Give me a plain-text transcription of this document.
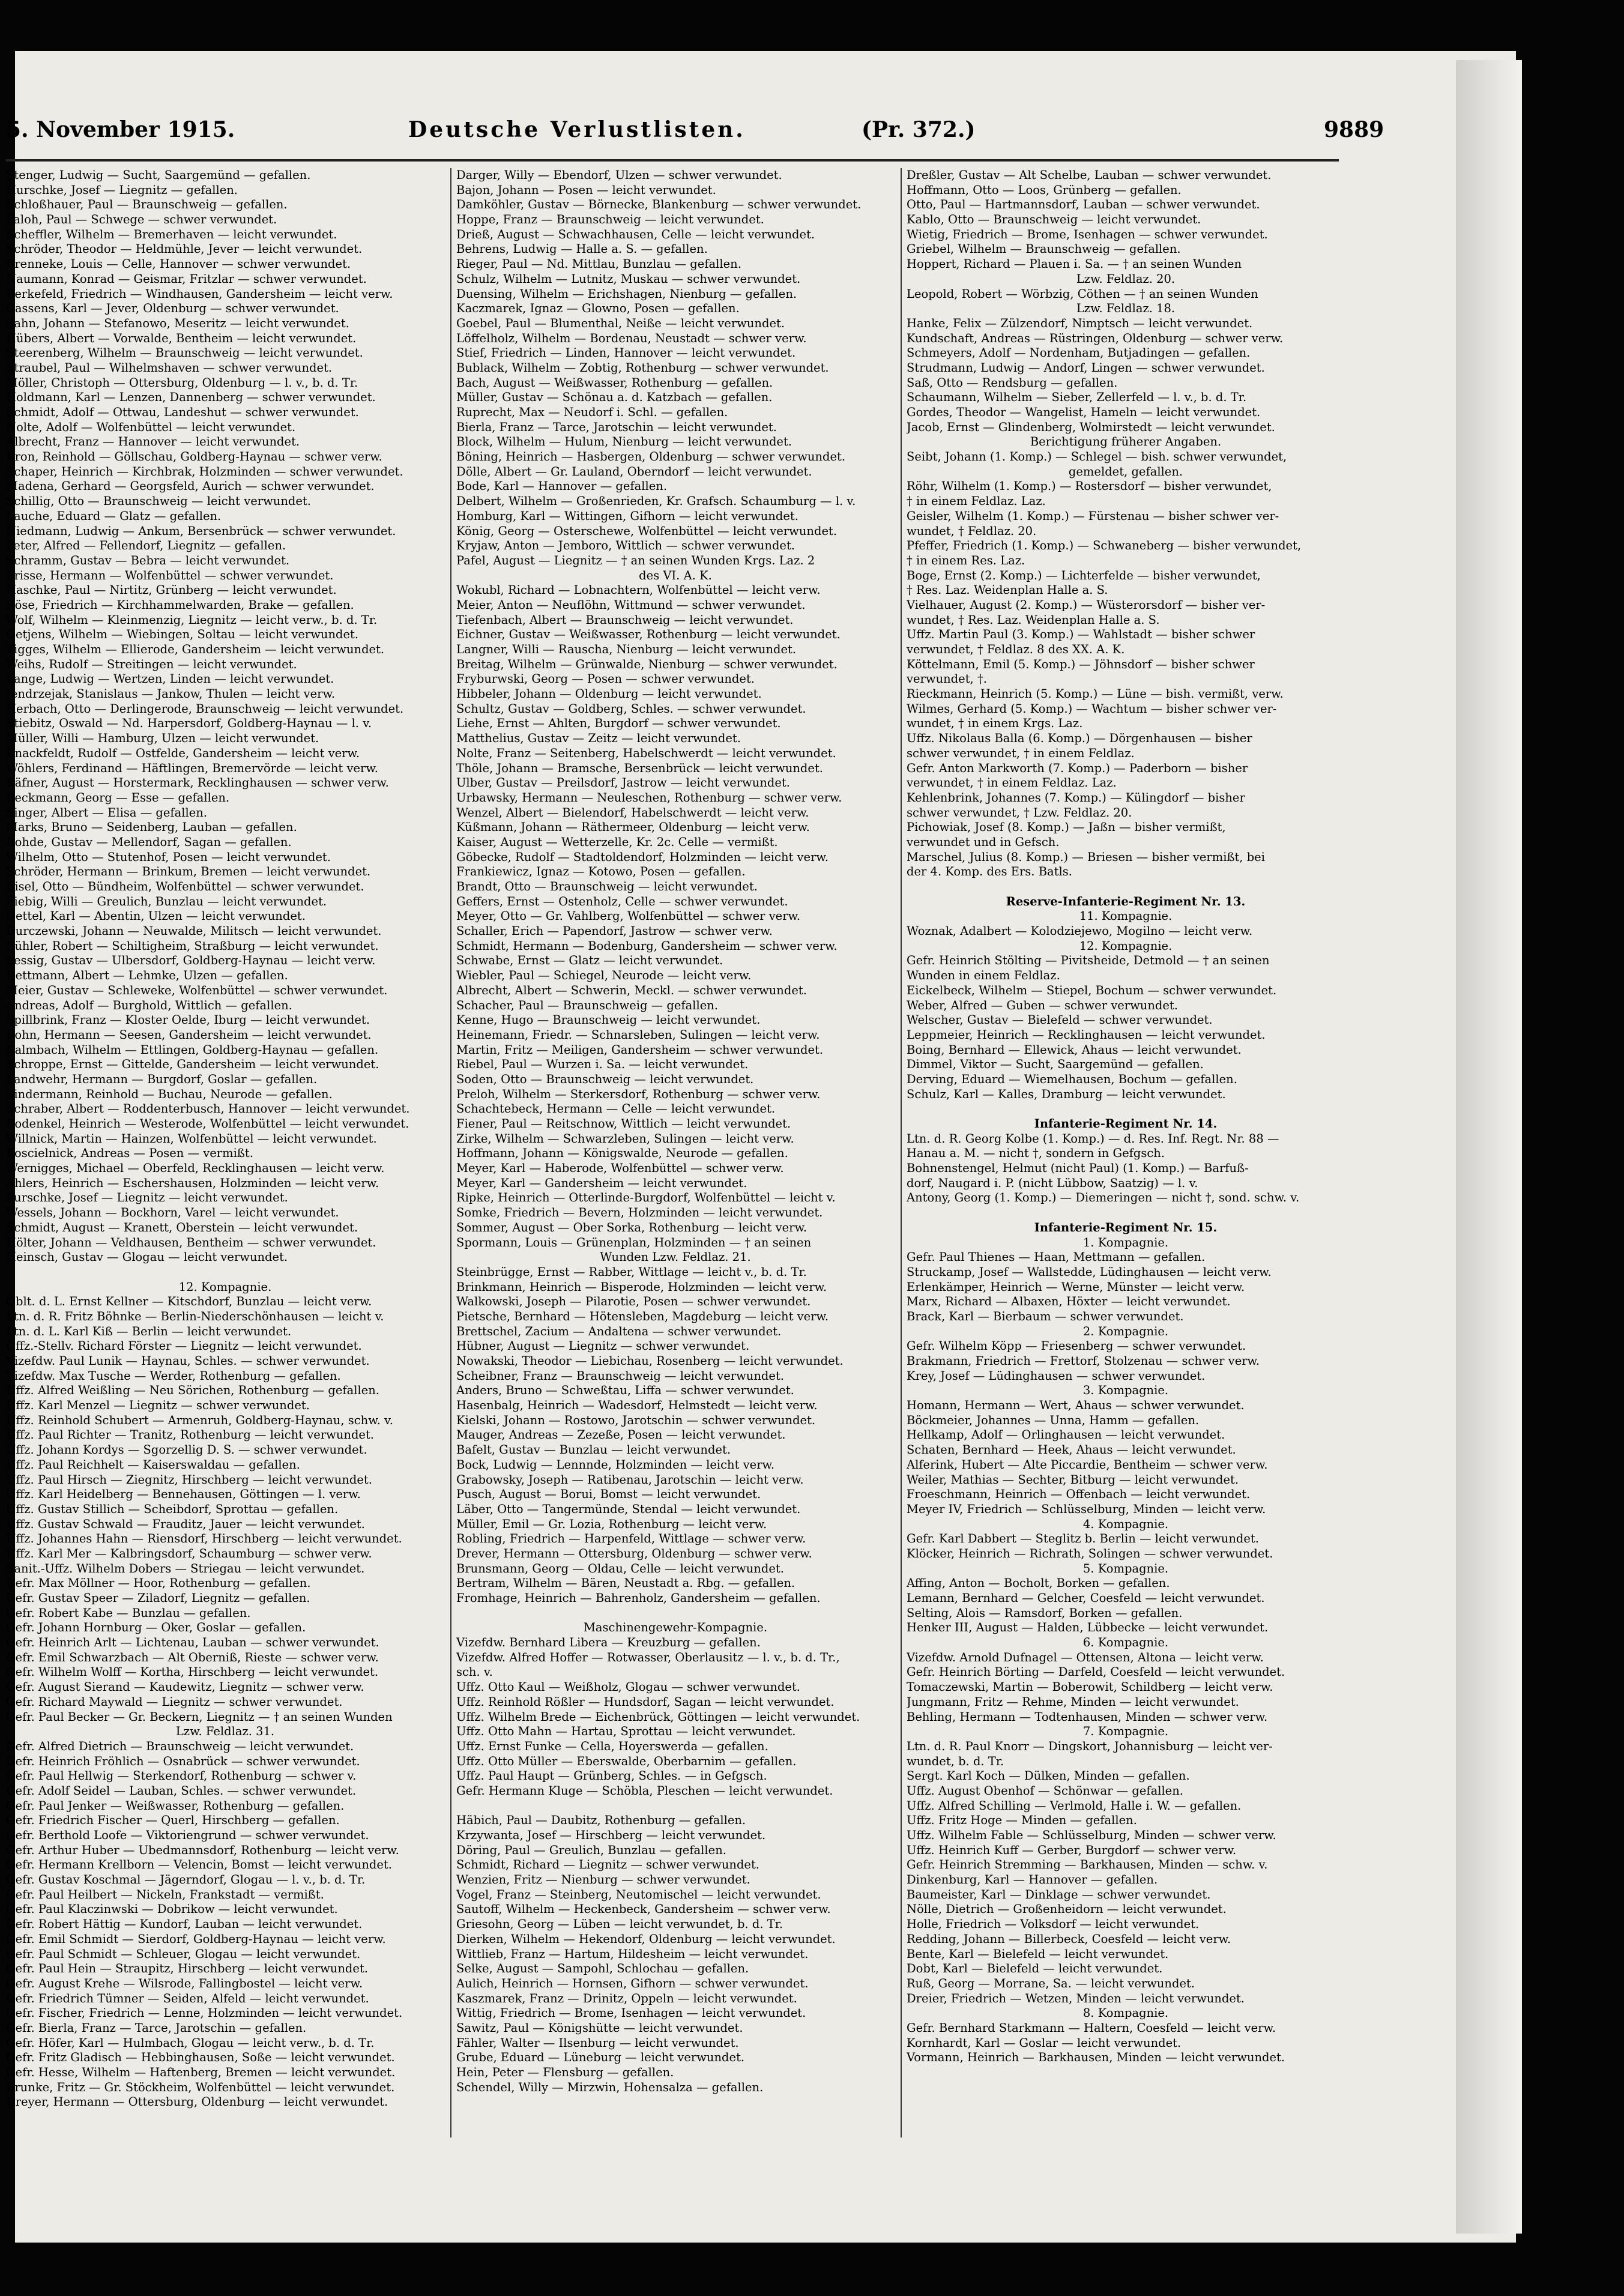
5. November 1915.	Deutsche Verlustlisten.	(Pr. 372.)	9889
Stenger, Ludwig — Sucht, Saargemünd — gefallen.
Hurschke, Josef — Liegnitz — gefallen.
Schloßhauer, Paul — Braunschweig — gefallen.
Paloh, Paul — Schwege — schwer verwundet.
Scheffler, Wilhelm — Bremerhaven — leicht verwundet.
Schröder, Theodor — Heldmühle, Jever — leicht verwundet.
Brenneke, Louis — Celle, Hannover — schwer verwundet.
Naumann, Konrad — Geismar, Fritzlar — schwer verwundet.
Berkefeld, Friedrich — Windhausen, Gandersheim — leicht verw.
Cassens, Karl — Jever, Oldenburg — schwer verwundet.
Sahn, Johann — Stefanowo, Meseritz — leicht verwundet.
Hübers, Albert — Vorwalde, Bentheim — leicht verwundet.
Steerenberg, Wilhelm — Braunschweig — leicht verwundet.
Straubel, Paul — Wilhelmshaven — schwer verwundet.
Möller, Christoph — Ottersburg, Oldenburg — l. v., b. d. Tr.
Holdmann, Karl — Lenzen, Dannenberg — schwer verwundet.
Schmidt, Adolf — Ottwau, Landeshut — schwer verwundet.
Nolte, Adolf — Wolfenbüttel — leicht verwundet.
Albrecht, Franz — Hannover — leicht verwundet.
Kron, Reinhold — Göllschau, Goldberg-Haynau — schwer verw.
Schaper, Heinrich — Kirchbrak, Holzminden — schwer verwundet.
Madena, Gerhard — Georgsfeld, Aurich — schwer verwundet.
Schillig, Otto — Braunschweig — leicht verwundet.
Lauche, Eduard — Glatz — gefallen.
Niedmann, Ludwig — Ankum, Bersenbrück — schwer verwundet.
Peter, Alfred — Fellendorf, Liegnitz — gefallen.
Schramm, Gustav — Bebra — leicht verwundet.
Frisse, Hermann — Wolfenbüttel — schwer verwundet.
Haschke, Paul — Nirtitz, Grünberg — leicht verwundet.
Röse, Friedrich — Kirchhammelwarden, Brake — gefallen.
Wolf, Wilhelm — Kleinmenzig, Liegnitz — leicht verw., b. d. Tr.
Oetjens, Wilhelm — Wiebingen, Soltau — leicht verwundet.
Tigges, Wilhelm — Ellierode, Gandersheim — leicht verwundet.
Weihs, Rudolf — Streitingen — leicht verwundet.
Lange, Ludwig — Wertzen, Linden — leicht verwundet.
Jendrzejak, Stanislaus — Jankow, Thulen — leicht verw.
Herbach, Otto — Derlingerode, Braunschweig — leicht verwundet.
Stiebitz, Oswald — Nd. Harpersdorf, Goldberg-Haynau — l. v.
Müller, Willi — Hamburg, Ulzen — leicht verwundet.
Knackfeldt, Rudolf — Ostfelde, Gandersheim — leicht verw.
Wöhlers, Ferdinand — Häftlingen, Bremervörde — leicht verw.
Käfner, August — Horstermark, Recklinghausen — schwer verw.
Beckmann, Georg — Esse — gefallen.
Singer, Albert — Elisa — gefallen.
Marks, Bruno — Seidenberg, Lauban — gefallen.
Rohde, Gustav — Mellendorf, Sagan — gefallen.
Wilhelm, Otto — Stutenhof, Posen — leicht verwundet.
Schröder, Hermann — Brinkum, Bremen — leicht verwundet.
Bisel, Otto — Bündheim, Wolfenbüttel — schwer verwundet.
Fiebig, Willi — Greulich, Bunzlau — leicht verwundet.
Oettel, Karl — Abentin, Ulzen — leicht verwundet.
Durczewski, Johann — Neuwalde, Militsch — leicht verwundet.
Bühler, Robert — Schiltigheim, Straßburg — leicht verwundet.
Lessig, Gustav — Ulbersdorf, Goldberg-Haynau — leicht verw.
Dettmann, Albert — Lehmke, Ulzen — gefallen.
Meier, Gustav — Schleweke, Wolfenbüttel — schwer verwundet.
Andreas, Adolf — Burghold, Wittlich — gefallen.
Spillbrink, Franz — Kloster Oelde, Iburg — leicht verwundet.
Bohn, Hermann — Seesen, Gandersheim — leicht verwundet.
Kalmbach, Wilhelm — Ettlingen, Goldberg-Haynau — gefallen.
Schroppe, Ernst — Gittelde, Gandersheim — leicht verwundet.
Landwehr, Hermann — Burgdorf, Goslar — gefallen.
Sindermann, Reinhold — Buchau, Neurode — gefallen.
Schraber, Albert — Roddenterbusch, Hannover — leicht verwundet.
Bodenkel, Heinrich — Westerode, Wolfenbüttel — leicht verwundet.
Willnick, Martin — Hainzen, Wolfenbüttel — leicht verwundet.
Koscielnick, Andreas — Posen — vermißt.
Wernigges, Michael — Oberfeld, Recklinghausen — leicht verw.
Ahlers, Heinrich — Eschershausen, Holzminden — leicht verw.
Purschke, Josef — Liegnitz — leicht verwundet.
Wessels, Johann — Bockhorn, Varel — leicht verwundet.
Schmidt, August — Kranett, Oberstein — leicht verwundet.
Hölter, Johann — Veldhausen, Bentheim — schwer verwundet.
Heinsch, Gustav — Glogau — leicht verwundet.
12. Kompagnie.
Oblt. d. L. Ernst Kellner — Kitschdorf, Bunzlau — leicht verw.
Ltn. d. R. Fritz Böhnke — Berlin-Niederschönhausen — leicht v.
Ltn. d. L. Karl Kiß — Berlin — leicht verwundet.
Offz.-Stellv. Richard Förster — Liegnitz — leicht verwundet.
Vizefdw. Paul Lunik — Haynau, Schles. — schwer verwundet.
Vizefdw. Max Tusche — Werder, Rothenburg — gefallen.
Uffz. Alfred Weißling — Neu Sörichen, Rothenburg — gefallen.
Uffz. Karl Menzel — Liegnitz — schwer verwundet.
Uffz. Reinhold Schubert — Armenruh, Goldberg-Haynau, schw. v.
Uffz. Paul Richter — Tranitz, Rothenburg — leicht verwundet.
Uffz. Johann Kordys — Sgorzellig D. S. — schwer verwundet.
Uffz. Paul Reichhelt — Kaiserswaldau — gefallen.
Uffz. Paul Hirsch — Ziegnitz, Hirschberg — leicht verwundet.
Uffz. Karl Heidelberg — Bennehausen, Göttingen — l. verw.
Uffz. Gustav Stillich — Scheibdorf, Sprottau — gefallen.
Uffz. Gustav Schwald — Frauditz, Jauer — leicht verwundet.
Uffz. Johannes Hahn — Riensdorf, Hirschberg — leicht verwundet.
Uffz. Karl Mer — Kalbringsdorf, Schaumburg — schwer verw.
Sanit.-Uffz. Wilhelm Dobers — Striegau — leicht verwundet.
Gefr. Max Möllner — Hoor, Rothenburg — gefallen.
Gefr. Gustav Speer — Ziladorf, Liegnitz — gefallen.
Gefr. Robert Kabe — Bunzlau — gefallen.
Gefr. Johann Hornburg — Oker, Goslar — gefallen.
Gefr. Heinrich Arlt — Lichtenau, Lauban — schwer verwundet.
Gefr. Emil Schwarzbach — Alt Oberniß, Rieste — schwer verw.
Gefr. Wilhelm Wolff — Kortha, Hirschberg — leicht verwundet.
Gefr. August Sierand — Kaudewitz, Liegnitz — schwer verw.
Gefr. Richard Maywald — Liegnitz — schwer verwundet.
Gefr. Paul Becker — Gr. Beckern, Liegnitz — † an seinen Wunden
Lzw. Feldlaz. 31.
Gefr. Alfred Dietrich — Braunschweig — leicht verwundet.
Gefr. Heinrich Fröhlich — Osnabrück — schwer verwundet.
Gefr. Paul Hellwig — Sterkendorf, Rothenburg — schwer v.
Gefr. Adolf Seidel — Lauban, Schles. — schwer verwundet.
Gefr. Paul Jenker — Weißwasser, Rothenburg — gefallen.
Gefr. Friedrich Fischer — Querl, Hirschberg — gefallen.
Gefr. Berthold Loofe — Viktoriengrund — schwer verwundet.
Gefr. Arthur Huber — Ubedmannsdorf, Rothenburg — leicht verw.
Gefr. Hermann Krellborn — Velencin, Bomst — leicht verwundet.
Gefr. Gustav Koschmal — Jägerndorf, Glogau — l. v., b. d. Tr.
Gefr. Paul Heilbert — Nickeln, Frankstadt — vermißt.
Gefr. Paul Klaczinwski — Dobrikow — leicht verwundet.
Gefr. Robert Hättig — Kundorf, Lauban — leicht verwundet.
Gefr. Emil Schmidt — Sierdorf, Goldberg-Haynau — leicht verw.
Gefr. Paul Schmidt — Schleuer, Glogau — leicht verwundet.
Gefr. Paul Hein — Straupitz, Hirschberg — leicht verwundet.
Gefr. August Krehe — Wilsrode, Fallingbostel — leicht verw.
Gefr. Friedrich Tümner — Seiden, Alfeld — leicht verwundet.
Gefr. Fischer, Friedrich — Lenne, Holzminden — leicht verwundet.
Gefr. Bierla, Franz — Tarce, Jarotschin — gefallen.
Gefr. Höfer, Karl — Hulmbach, Glogau — leicht verw., b. d. Tr.
Gefr. Fritz Gladisch — Hebbinghausen, Soße — leicht verwundet.
Gefr. Hesse, Wilhelm — Haftenberg, Bremen — leicht verwundet.
Brunke, Fritz — Gr. Stöckheim, Wolfenbüttel — leicht verwundet.
Dreyer, Hermann — Ottersburg, Oldenburg — leicht verwundet.
Darger, Willy — Ebendorf, Ulzen — schwer verwundet.
Bajon, Johann — Posen — leicht verwundet.
Damköhler, Gustav — Börnecke, Blankenburg — schwer verwundet.
Hoppe, Franz — Braunschweig — leicht verwundet.
Drieß, August — Schwachhausen, Celle — leicht verwundet.
Behrens, Ludwig — Halle a. S. — gefallen.
Rieger, Paul — Nd. Mittlau, Bunzlau — gefallen.
Schulz, Wilhelm — Lutnitz, Muskau — schwer verwundet.
Duensing, Wilhelm — Erichshagen, Nienburg — gefallen.
Kaczmarek, Ignaz — Glowno, Posen — gefallen.
Goebel, Paul — Blumenthal, Neiße — leicht verwundet.
Löffelholz, Wilhelm — Bordenau, Neustadt — schwer verw.
Stief, Friedrich — Linden, Hannover — leicht verwundet.
Bublack, Wilhelm — Zobtig, Rothenburg — schwer verwundet.
Bach, August — Weißwasser, Rothenburg — gefallen.
Müller, Gustav — Schönau a. d. Katzbach — gefallen.
Ruprecht, Max — Neudorf i. Schl. — gefallen.
Bierla, Franz — Tarce, Jarotschin — leicht verwundet.
Block, Wilhelm — Hulum, Nienburg — leicht verwundet.
Böning, Heinrich — Hasbergen, Oldenburg — schwer verwundet.
Dölle, Albert — Gr. Lauland, Oberndorf — leicht verwundet.
Bode, Karl — Hannover — gefallen.
Delbert, Wilhelm — Großenrieden, Kr. Grafsch. Schaumburg — l. v.
Homburg, Karl — Wittingen, Gifhorn — leicht verwundet.
König, Georg — Osterschewe, Wolfenbüttel — leicht verwundet.
Kryjaw, Anton — Jemboro, Wittlich — schwer verwundet.
Pafel, August — Liegnitz — † an seinen Wunden Krgs. Laz. 2
des VI. A. K.
Wokubl, Richard — Lobnachtern, Wolfenbüttel — leicht verw.
Meier, Anton — Neuflöhn, Wittmund — schwer verwundet.
Tiefenbach, Albert — Braunschweig — leicht verwundet.
Eichner, Gustav — Weißwasser, Rothenburg — leicht verwundet.
Langner, Willi — Rauscha, Nienburg — leicht verwundet.
Breitag, Wilhelm — Grünwalde, Nienburg — schwer verwundet.
Fryburwski, Georg — Posen — schwer verwundet.
Hibbeler, Johann — Oldenburg — leicht verwundet.
Schultz, Gustav — Goldberg, Schles. — schwer verwundet.
Liehe, Ernst — Ahlten, Burgdorf — schwer verwundet.
Matthelius, Gustav — Zeitz — leicht verwundet.
Nolte, Franz — Seitenberg, Habelschwerdt — leicht verwundet.
Thöle, Johann — Bramsche, Bersenbrück — leicht verwundet.
Ulber, Gustav — Preilsdorf, Jastrow — leicht verwundet.
Urbawsky, Hermann — Neuleschen, Rothenburg — schwer verw.
Wenzel, Albert — Bielendorf, Habelschwerdt — leicht verw.
Küßmann, Johann — Räthermeer, Oldenburg — leicht verw.
Kaiser, August — Wetterzelle, Kr. 2c. Celle — vermißt.
Göbecke, Rudolf — Stadtoldendorf, Holzminden — leicht verw.
Frankiewicz, Ignaz — Kotowo, Posen — gefallen.
Brandt, Otto — Braunschweig — leicht verwundet.
Geffers, Ernst — Ostenholz, Celle — schwer verwundet.
Meyer, Otto — Gr. Vahlberg, Wolfenbüttel — schwer verw.
Schaller, Erich — Papendorf, Jastrow — schwer verw.
Schmidt, Hermann — Bodenburg, Gandersheim — schwer verw.
Schwabe, Ernst — Glatz — leicht verwundet.
Wiebler, Paul — Schiegel, Neurode — leicht verw.
Albrecht, Albert — Schwerin, Meckl. — schwer verwundet.
Schacher, Paul — Braunschweig — gefallen.
Kenne, Hugo — Braunschweig — leicht verwundet.
Heinemann, Friedr. — Schnarsleben, Sulingen — leicht verw.
Martin, Fritz — Meiligen, Gandersheim — schwer verwundet.
Riebel, Paul — Wurzen i. Sa. — leicht verwundet.
Soden, Otto — Braunschweig — leicht verwundet.
Preloh, Wilhelm — Sterkersdorf, Rothenburg — schwer verw.
Schachtebeck, Hermann — Celle — leicht verwundet.
Fiener, Paul — Reitschnow, Wittlich — leicht verwundet.
Zirke, Wilhelm — Schwarzleben, Sulingen — leicht verw.
Hoffmann, Johann — Königswalde, Neurode — gefallen.
Meyer, Karl — Haberode, Wolfenbüttel — schwer verw.
Meyer, Karl — Gandersheim — leicht verwundet.
Ripke, Heinrich — Otterlinde-Burgdorf, Wolfenbüttel — leicht v.
Somke, Friedrich — Bevern, Holzminden — leicht verwundet.
Sommer, August — Ober Sorka, Rothenburg — leicht verw.
Spormann, Louis — Grünenplan, Holzminden — † an seinen
Wunden Lzw. Feldlaz. 21.
Steinbrügge, Ernst — Rabber, Wittlage — leicht v., b. d. Tr.
Brinkmann, Heinrich — Bisperode, Holzminden — leicht verw.
Walkowski, Joseph — Pilarotie, Posen — schwer verwundet.
Pietsche, Bernhard — Hötensleben, Magdeburg — leicht verw.
Brettschel, Zacium — Andaltena — schwer verwundet.
Hübner, August — Liegnitz — schwer verwundet.
Nowakski, Theodor — Liebichau, Rosenberg — leicht verwundet.
Scheibner, Franz — Braunschweig — leicht verwundet.
Anders, Bruno — Schweßtau, Liffa — schwer verwundet.
Hasenbalg, Heinrich — Wadesdorf, Helmstedt — leicht verw.
Kielski, Johann — Rostowo, Jarotschin — schwer verwundet.
Mauger, Andreas — Zezeße, Posen — leicht verwundet.
Bafelt, Gustav — Bunzlau — leicht verwundet.
Bock, Ludwig — Lennnde, Holzminden — leicht verw.
Grabowsky, Joseph — Ratibenau, Jarotschin — leicht verw.
Pusch, August — Borui, Bomst — leicht verwundet.
Läber, Otto — Tangermünde, Stendal — leicht verwundet.
Müller, Emil — Gr. Lozia, Rothenburg — leicht verw.
Robling, Friedrich — Harpenfeld, Wittlage — schwer verw.
Drever, Hermann — Ottersburg, Oldenburg — schwer verw.
Brunsmann, Georg — Oldau, Celle — leicht verwundet.
Bertram, Wilhelm — Bären, Neustadt a. Rbg. — gefallen.
Fromhage, Heinrich — Bahrenholz, Gandersheim — gefallen.
Maschinengewehr-Kompagnie.
Vizefdw. Bernhard Libera — Kreuzburg — gefallen.
Vizefdw. Alfred Hoffer — Rotwasser, Oberlausitz — l. v., b. d. Tr.,
sch. v.
Uffz. Otto Kaul — Weißholz, Glogau — schwer verwundet.
Uffz. Reinhold Rößler — Hundsdorf, Sagan — leicht verwundet.
Uffz. Wilhelm Brede — Eichenbrück, Göttingen — leicht verwundet.
Uffz. Otto Mahn — Hartau, Sprottau — leicht verwundet.
Uffz. Ernst Funke — Cella, Hoyerswerda — gefallen.
Uffz. Otto Müller — Eberswalde, Oberbarnim — gefallen.
Uffz. Paul Haupt — Grünberg, Schles. — in Gefgsch.
Gefr. Hermann Kluge — Schöbla, Pleschen — leicht verwundet.
Häbich, Paul — Daubitz, Rothenburg — gefallen.
Krzywanta, Josef — Hirschberg — leicht verwundet.
Döring, Paul — Greulich, Bunzlau — gefallen.
Schmidt, Richard — Liegnitz — schwer verwundet.
Wenzien, Fritz — Nienburg — schwer verwundet.
Vogel, Franz — Steinberg, Neutomischel — leicht verwundet.
Sautoff, Wilhelm — Heckenbeck, Gandersheim — schwer verw.
Griesohn, Georg — Lüben — leicht verwundet, b. d. Tr.
Dierken, Wilhelm — Hekendorf, Oldenburg — leicht verwundet.
Wittlieb, Franz — Hartum, Hildesheim — leicht verwundet.
Selke, August — Sampohl, Schlochau — gefallen.
Aulich, Heinrich — Hornsen, Gifhorn — schwer verwundet.
Kaszmarek, Franz — Drinitz, Oppeln — leicht verwundet.
Wittig, Friedrich — Brome, Isenhagen — leicht verwundet.
Sawitz, Paul — Königshütte — leicht verwundet.
Fähler, Walter — Ilsenburg — leicht verwundet.
Grube, Eduard — Lüneburg — leicht verwundet.
Hein, Peter — Flensburg — gefallen.
Schendel, Willy — Mirzwin, Hohensalza — gefallen.
Dreßler, Gustav — Alt Schelbe, Lauban — schwer verwundet.
Hoffmann, Otto — Loos, Grünberg — gefallen.
Otto, Paul — Hartmannsdorf, Lauban — schwer verwundet.
Kablo, Otto — Braunschweig — leicht verwundet.
Wietig, Friedrich — Brome, Isenhagen — schwer verwundet.
Griebel, Wilhelm — Braunschweig — gefallen.
Hoppert, Richard — Plauen i. Sa. — † an seinen Wunden
Lzw. Feldlaz. 20.
Leopold, Robert — Wörbzig, Cöthen — † an seinen Wunden
Lzw. Feldlaz. 18.
Hanke, Felix — Zülzendorf, Nimptsch — leicht verwundet.
Kundschaft, Andreas — Rüstringen, Oldenburg — schwer verw.
Schmeyers, Adolf — Nordenham, Butjadingen — gefallen.
Strudmann, Ludwig — Andorf, Lingen — schwer verwundet.
Saß, Otto — Rendsburg — gefallen.
Schaumann, Wilhelm — Sieber, Zellerfeld — l. v., b. d. Tr.
Gordes, Theodor — Wangelist, Hameln — leicht verwundet.
Jacob, Ernst — Glindenberg, Wolmirstedt — leicht verwundet.
Berichtigung früherer Angaben.
Seibt, Johann (1. Komp.) — Schlegel — bish. schwer verwundet,
gemeldet, gefallen.
Röhr, Wilhelm (1. Komp.) — Rostersdorf — bisher verwundet,
† in einem Feldlaz. Laz.
Geisler, Wilhelm (1. Komp.) — Fürstenau — bisher schwer ver-
wundet, † Feldlaz. 20.
Pfeffer, Friedrich (1. Komp.) — Schwaneberg — bisher verwundet,
† in einem Res. Laz.
Boge, Ernst (2. Komp.) — Lichterfelde — bisher verwundet,
† Res. Laz. Weidenplan Halle a. S.
Vielhauer, August (2. Komp.) — Wüsterorsdorf — bisher ver-
wundet, † Res. Laz. Weidenplan Halle a. S.
Uffz. Martin Paul (3. Komp.) — Wahlstadt — bisher schwer
verwundet, † Feldlaz. 8 des XX. A. K.
Köttelmann, Emil (5. Komp.) — Jöhnsdorf — bisher schwer
verwundet, †.
Rieckmann, Heinrich (5. Komp.) — Lüne — bish. vermißt, verw.
Wilmes, Gerhard (5. Komp.) — Wachtum — bisher schwer ver-
wundet, † in einem Krgs. Laz.
Uffz. Nikolaus Balla (6. Komp.) — Dörgenhausen — bisher
schwer verwundet, † in einem Feldlaz.
Gefr. Anton Markworth (7. Komp.) — Paderborn — bisher
verwundet, † in einem Feldlaz. Laz.
Kehlenbrink, Johannes (7. Komp.) — Külingdorf — bisher
schwer verwundet, † Lzw. Feldlaz. 20.
Pichowiak, Josef (8. Komp.) — Jaßn — bisher vermißt,
verwundet und in Gefsch.
Marschel, Julius (8. Komp.) — Briesen — bisher vermißt, bei
der 4. Komp. des Ers. Batls.
Reserve-Infanterie-Regiment Nr. 13.
11. Kompagnie.
Woznak, Adalbert — Kolodziejewo, Mogilno — leicht verw.
12. Kompagnie.
Gefr. Heinrich Stölting — Pivitsheide, Detmold — † an seinen
Wunden in einem Feldlaz.
Eickelbeck, Wilhelm — Stiepel, Bochum — schwer verwundet.
Weber, Alfred — Guben — schwer verwundet.
Welscher, Gustav — Bielefeld — schwer verwundet.
Leppmeier, Heinrich — Recklinghausen — leicht verwundet.
Boing, Bernhard — Ellewick, Ahaus — leicht verwundet.
Dimmel, Viktor — Sucht, Saargemünd — gefallen.
Derving, Eduard — Wiemelhausen, Bochum — gefallen.
Schulz, Karl — Kalles, Dramburg — leicht verwundet.
Infanterie-Regiment Nr. 14.
Ltn. d. R. Georg Kolbe (1. Komp.) — d. Res. Inf. Regt. Nr. 88 —
Hanau a. M. — nicht †, sondern in Gefgsch.
Bohnenstengel, Helmut (nicht Paul) (1. Komp.) — Barfuß-
dorf, Naugard i. P. (nicht Lübbow, Saatzig) — l. v.
Antony, Georg (1. Komp.) — Diemeringen — nicht †, sond. schw. v.
Infanterie-Regiment Nr. 15.
1. Kompagnie.
Gefr. Paul Thienes — Haan, Mettmann — gefallen.
Struckamp, Josef — Wallstedde, Lüdinghausen — leicht verw.
Erlenkämper, Heinrich — Werne, Münster — leicht verw.
Marx, Richard — Albaxen, Höxter — leicht verwundet.
Brack, Karl — Bierbaum — schwer verwundet.
2. Kompagnie.
Gefr. Wilhelm Köpp — Friesenberg — schwer verwundet.
Brakmann, Friedrich — Frettorf, Stolzenau — schwer verw.
Krey, Josef — Lüdinghausen — schwer verwundet.
3. Kompagnie.
Homann, Hermann — Wert, Ahaus — schwer verwundet.
Böckmeier, Johannes — Unna, Hamm — gefallen.
Hellkamp, Adolf — Orlinghausen — leicht verwundet.
Schaten, Bernhard — Heek, Ahaus — leicht verwundet.
Alferink, Hubert — Alte Piccardie, Bentheim — schwer verw.
Weiler, Mathias — Sechter, Bitburg — leicht verwundet.
Froeschmann, Heinrich — Offenbach — leicht verwundet.
Meyer IV, Friedrich — Schlüsselburg, Minden — leicht verw.
4. Kompagnie.
Gefr. Karl Dabbert — Steglitz b. Berlin — leicht verwundet.
Klöcker, Heinrich — Richrath, Solingen — schwer verwundet.
5. Kompagnie.
Affing, Anton — Bocholt, Borken — gefallen.
Lemann, Bernhard — Gelcher, Coesfeld — leicht verwundet.
Selting, Alois — Ramsdorf, Borken — gefallen.
Henker III, August — Halden, Lübbecke — leicht verwundet.
6. Kompagnie.
Vizefdw. Arnold Dufnagel — Ottensen, Altona — leicht verw.
Gefr. Heinrich Börting — Darfeld, Coesfeld — leicht verwundet.
Tomaczewski, Martin — Boberowit, Schildberg — leicht verw.
Jungmann, Fritz — Rehme, Minden — leicht verwundet.
Behling, Hermann — Todtenhausen, Minden — schwer verw.
7. Kompagnie.
Ltn. d. R. Paul Knorr — Dingskort, Johannisburg — leicht ver-
wundet, b. d. Tr.
Sergt. Karl Koch — Dülken, Minden — gefallen.
Uffz. August Obenhof — Schönwar — gefallen.
Uffz. Alfred Schilling — Verlmold, Halle i. W. — gefallen.
Uffz. Fritz Hoge — Minden — gefallen.
Uffz. Wilhelm Fable — Schlüsselburg, Minden — schwer verw.
Uffz. Heinrich Kuff — Gerber, Burgdorf — schwer verw.
Gefr. Heinrich Stremming — Barkhausen, Minden — schw. v.
Dinkenburg, Karl — Hannover — gefallen.
Baumeister, Karl — Dinklage — schwer verwundet.
Nölle, Dietrich — Großenheidorn — leicht verwundet.
Holle, Friedrich — Volksdorf — leicht verwundet.
Redding, Johann — Billerbeck, Coesfeld — leicht verw.
Bente, Karl — Bielefeld — leicht verwundet.
Dobt, Karl — Bielefeld — leicht verwundet.
Ruß, Georg — Morrane, Sa. — leicht verwundet.
Dreier, Friedrich — Wetzen, Minden — leicht verwundet.
8. Kompagnie.
Gefr. Bernhard Starkmann — Haltern, Coesfeld — leicht verw.
Kornhardt, Karl — Goslar — leicht verwundet.
Vormann, Heinrich — Barkhausen, Minden — leicht verwundet.
